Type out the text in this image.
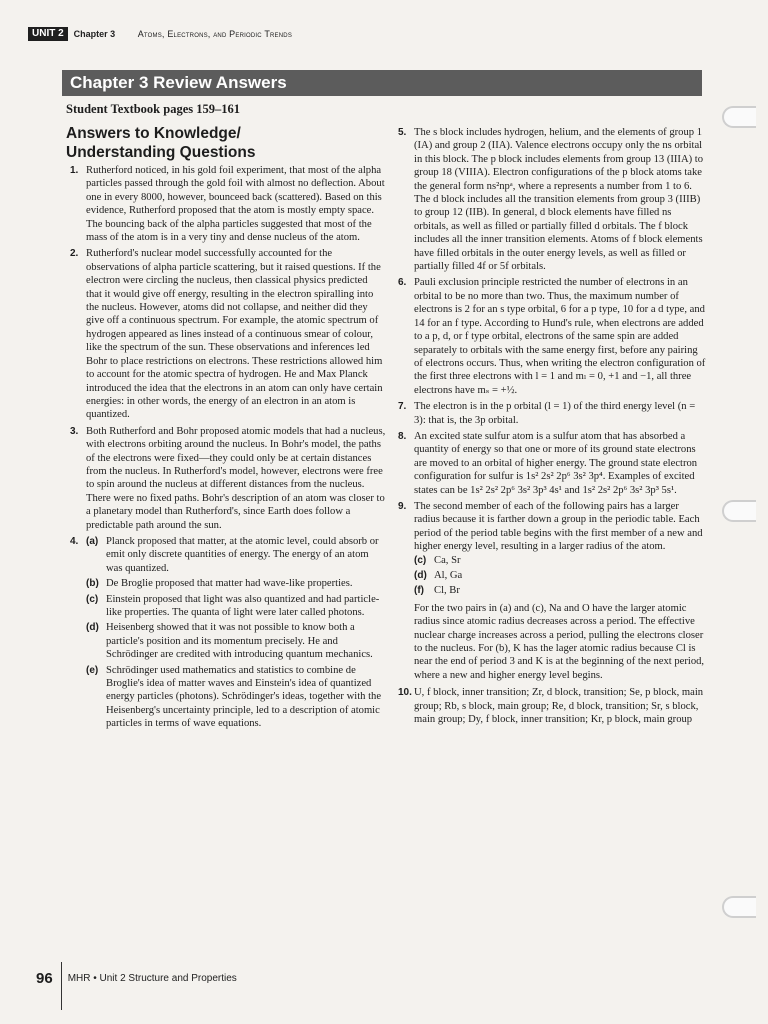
UNIT 2	Chapter 3	Atoms, Electrons, and Periodic Trends
Chapter 3 Review Answers
Student Textbook pages 159–161
Answers to Knowledge/
Understanding Questions
1. Rutherford noticed, in his gold foil experiment, that most of the alpha particles passed through the gold foil with almost no deflection. About one in every 8000, however, bounceed back (scattered). Based on this evidence, Rutherford proposed that the atom is mostly empty space. The bouncing back of the alpha particles suggested that most of the mass of the atom is in a very tiny and dense nucleus of the atom.
2. Rutherford's nuclear model successfully accounted for the observations of alpha particle scattering, but it raised questions. If the electron were circling the nucleus, then classical physics predicted that it would give off energy, resulting in the electron spiralling into the nucleus. However, atoms did not collapse, and neither did they give off a continuous spectrum. For example, the atomic spectrum of hydrogen appeared as lines instead of a continuous smear of colour, like the spectrum of the sun. These observations and inferences led Bohr to place restrictions on electrons. These restrictions allowed him to account for the atomic spectra of hydrogen. He and Max Planck introduced the idea that the electrons in an atom can only have certain energies: in other words, the energy of an electron in an atom is quantized.
3. Both Rutherford and Bohr proposed atomic models that had a nucleus, with electrons orbiting around the nucleus. In Bohr's model, the paths of the electrons were fixed—they could only be at certain distances from the nucleus. In Rutherford's model, however, electrons were free to spin around the nucleus at different distances from the nucleus. There were no fixed paths. Bohr's description of an atom was closer to a planetary model than Rutherford's, since Earth does follow a predictable path around the sun.
4. (a) Planck proposed that matter, at the atomic level, could absorb or emit only discrete quantities of energy. The energy of an atom was quantized.
(b) De Broglie proposed that matter had wave-like properties.
(c) Einstein proposed that light was also quantized and had particle-like properties. The quanta of light were later called photons.
(d) Heisenberg showed that it was not possible to know both a particle's position and its momentum precisely. He and Schrödinger are credited with introducing quantum mechanics.
(e) Schrödinger used mathematics and statistics to combine de Broglie's idea of matter waves and Einstein's idea of quantized energy particles (photons). Schrödinger's ideas, together with the Heisenberg's uncertainty principle, led to a description of atomic particles in terms of wave equations.
5. The s block includes hydrogen, helium, and the elements of group 1 (IA) and group 2 (IIA). Valence electrons occupy only the ns orbital in this block. The p block includes elements from group 13 (IIIA) to group 18 (VIIIA). Electron configurations of the p block atoms take the general form ns²npᵃ, where a represents a number from 1 to 6. The d block includes all the transition elements from group 3 (IIIB) to group 12 (IIB). In general, d block elements have filled ns orbitals, as well as filled or partially filled d orbitals. The f block includes all the inner transition elements. Atoms of f block elements have filled orbitals in the outer energy levels, as well as filled or partially filled 4f or 5f orbitals.
6. Pauli exclusion principle restricted the number of electrons in an orbital to be no more than two. Thus, the maximum number of electrons is 2 for an s type orbital, 6 for a p type, 10 for a d type, and 14 for an f type. According to Hund's rule, when electrons are added to a p, d, or f type orbital, electrons of the same spin are added separately to orbitals with the same energy first, before any pairing of electrons occurs. Thus, when writing the electron configuration of the first three electrons with l = 1 and mₗ = 0, +1 and −1, all three electrons have mₛ = +½.
7. The electron is in the p orbital (l = 1) of the third energy level (n = 3): that is, the 3p orbital.
8. An excited state sulfur atom is a sulfur atom that has absorbed a quantity of energy so that one or more of its ground state electrons are moved to an orbital of higher energy. The ground state electron configuration for sulfur is 1s² 2s² 2p⁶ 3s² 3p⁴. Examples of excited states can be 1s² 2s² 2p⁶ 3s² 3p³ 4s¹ and 1s² 2s² 2p⁶ 3s² 3p³ 5s¹.
9. The second member of each of the following pairs has a larger radius because it is farther down a group in the periodic table. Each period of the period table begins with the first member of a new and higher energy level, resulting in a larger radius of the atom.
(c) Ca, Sr
(d) Al, Ga
(f) Cl, Br
For the two pairs in (a) and (c), Na and O have the larger atomic radius since atomic radius decreases across a period. The effective nuclear charge increases across a period, pulling the electrons closer to the nucleus. For (b), K has the lager atomic radius because Cl is near the end of period 3 and K is at the beginning of the next period, where a new and higher energy level begins.
10. U, f block, inner transition; Zr, d block, transition; Se, p block, main group; Rb, s block, main group; Re, d block, transition; Sr, s block, main group; Dy, f block, inner transition; Kr, p block, main group
96	MHR • Unit 2 Structure and Properties
